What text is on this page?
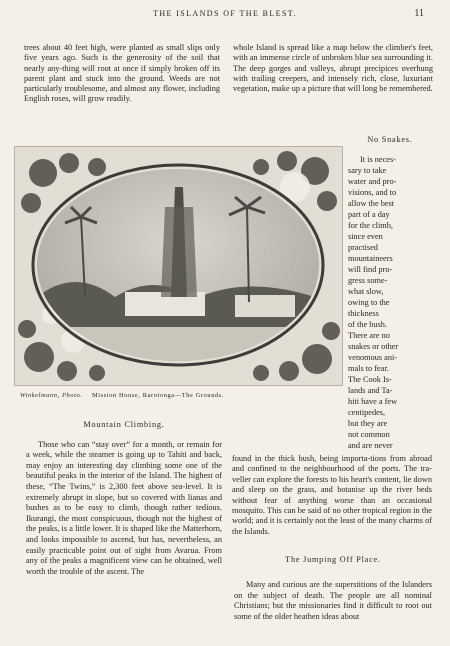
THE ISLANDS OF THE BLEST.	11

trees about 40 feet high, were planted as small slips only five years ago. Such is the generosity of the soil that nearly any-thing will root at once if simply broken off its parent plant and stuck into the ground. Weeds are not particularly troublesome, and almost any flower, including English roses, will grow readily.

whole Island is spread like a map below the climber's feet, with an immense circle of unbroken blue sea surrounding it. The deep gorges and valleys, abrupt precipices overhung with trailing creepers, and intensely rich, close, luxuriant vegetation, make up a picture that will long be remembered.

No Snakes.
Winkelmann, Photo. Mission House, Rarotonga—The Grounds.

It is neces-

sary to take

water and pro-

visions, and to

allow the best

part of a day

for the climb,

since even

practised

mountaineers

will find pro-

gress some-

what slow,

owing to the

thickness

of the bush.

There are no

snakes or other

venomous ani-

mals to fear.

The Cook Is-

lands and Ta-

hiti have a few

centipedes,

but they are

not common

and are never

found in the thick bush, being importa-tions from abroad and confined to the neighbourhood of the ports. The tra-veller can explore the forests to his heart's content, lie down and sleep on the grass, and botanise up the river beds without fear of anything worse than an occasional mosquito. This can be said of no other tropical region in the world; and it is certainly not the least of the many charms of the Islands.

Mountain Climbing.

Those who can “stay over” for a month, or remain for a week, while the steamer is going up to Tahiti and back, may enjoy an interesting day climbing some one of the beautiful peaks in the interior of the Island. The highest of these, “The Twins,” is 2,300 feet above sea-level. It is extremely abrupt in slope, but so covered with lianas and bushes as to be easy to climb, though rather tedious. Ikurangi, the most conspicuous, though not the highest of the peaks, is a little lower. It is shaped like the Matterhorn, and looks impossible to ascend, but has, nevertheless, an easily practicable point out of sight from Avarua. From any of the peaks a magnificent view can be obtained, well worth the trouble of the ascent. The

The Jumping Off Place.

Many and curious are the superstitions of the Islanders on the subject of death. The people are all nominal Christians; but the missionaries find it difficult to root out some of the older heathen ideas about
